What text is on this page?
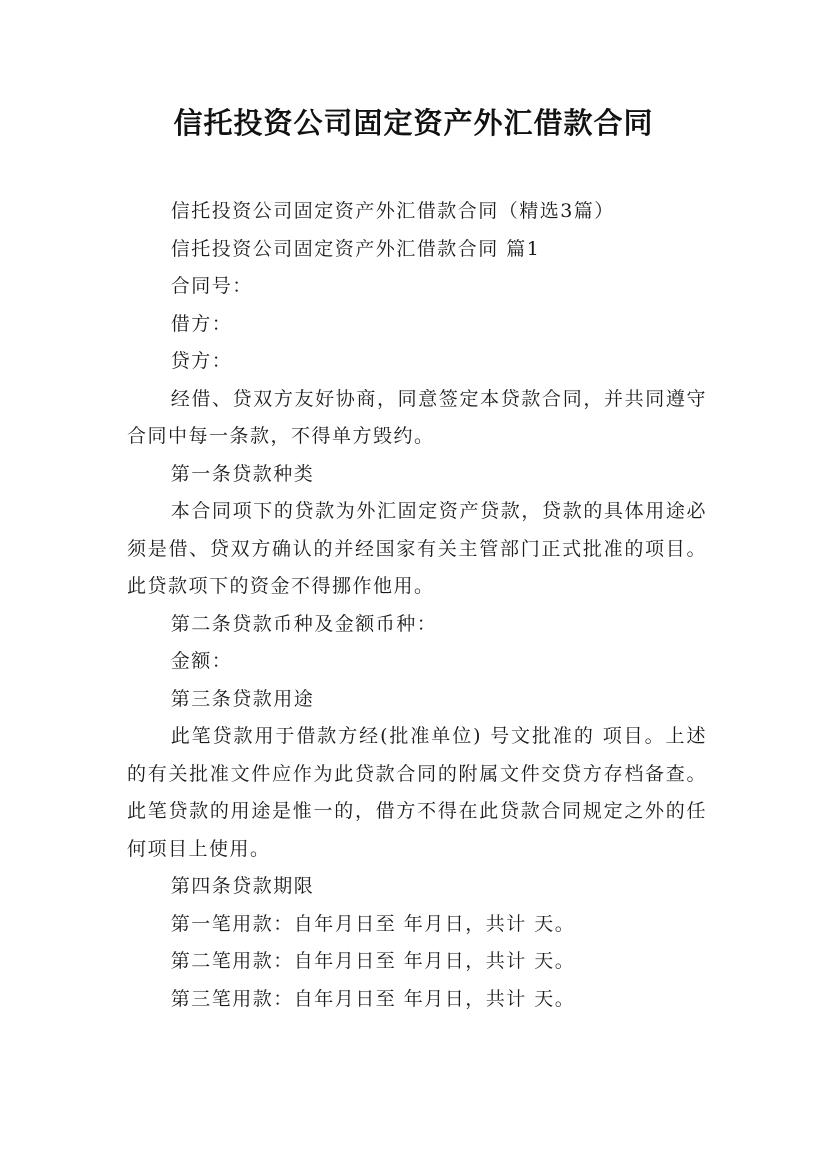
信托投资公司固定资产外汇借款合同

信托投资公司固定资产外汇借款合同（精选3篇）

信托投资公司固定资产外汇借款合同 篇1

合同号：

借方：

贷方：

经借、贷双方友好协商，同意签定本贷款合同，并共同遵守合同中每一条款，不得单方毁约。

第一条贷款种类

本合同项下的贷款为外汇固定资产贷款，贷款的具体用途必须是借、贷双方确认的并经国家有关主管部门正式批准的项目。此贷款项下的资金不得挪作他用。

第二条贷款币种及金额币种：

金额：

第三条贷款用途

此笔贷款用于借款方经(批准单位) 号文批准的 项目。上述的有关批准文件应作为此贷款合同的附属文件交贷方存档备查。此笔贷款的用途是惟一的，借方不得在此贷款合同规定之外的任何项目上使用。

第四条贷款期限

第一笔用款：自年月日至 年月日，共计 天。

第二笔用款：自年月日至 年月日，共计 天。

第三笔用款：自年月日至 年月日，共计 天。
